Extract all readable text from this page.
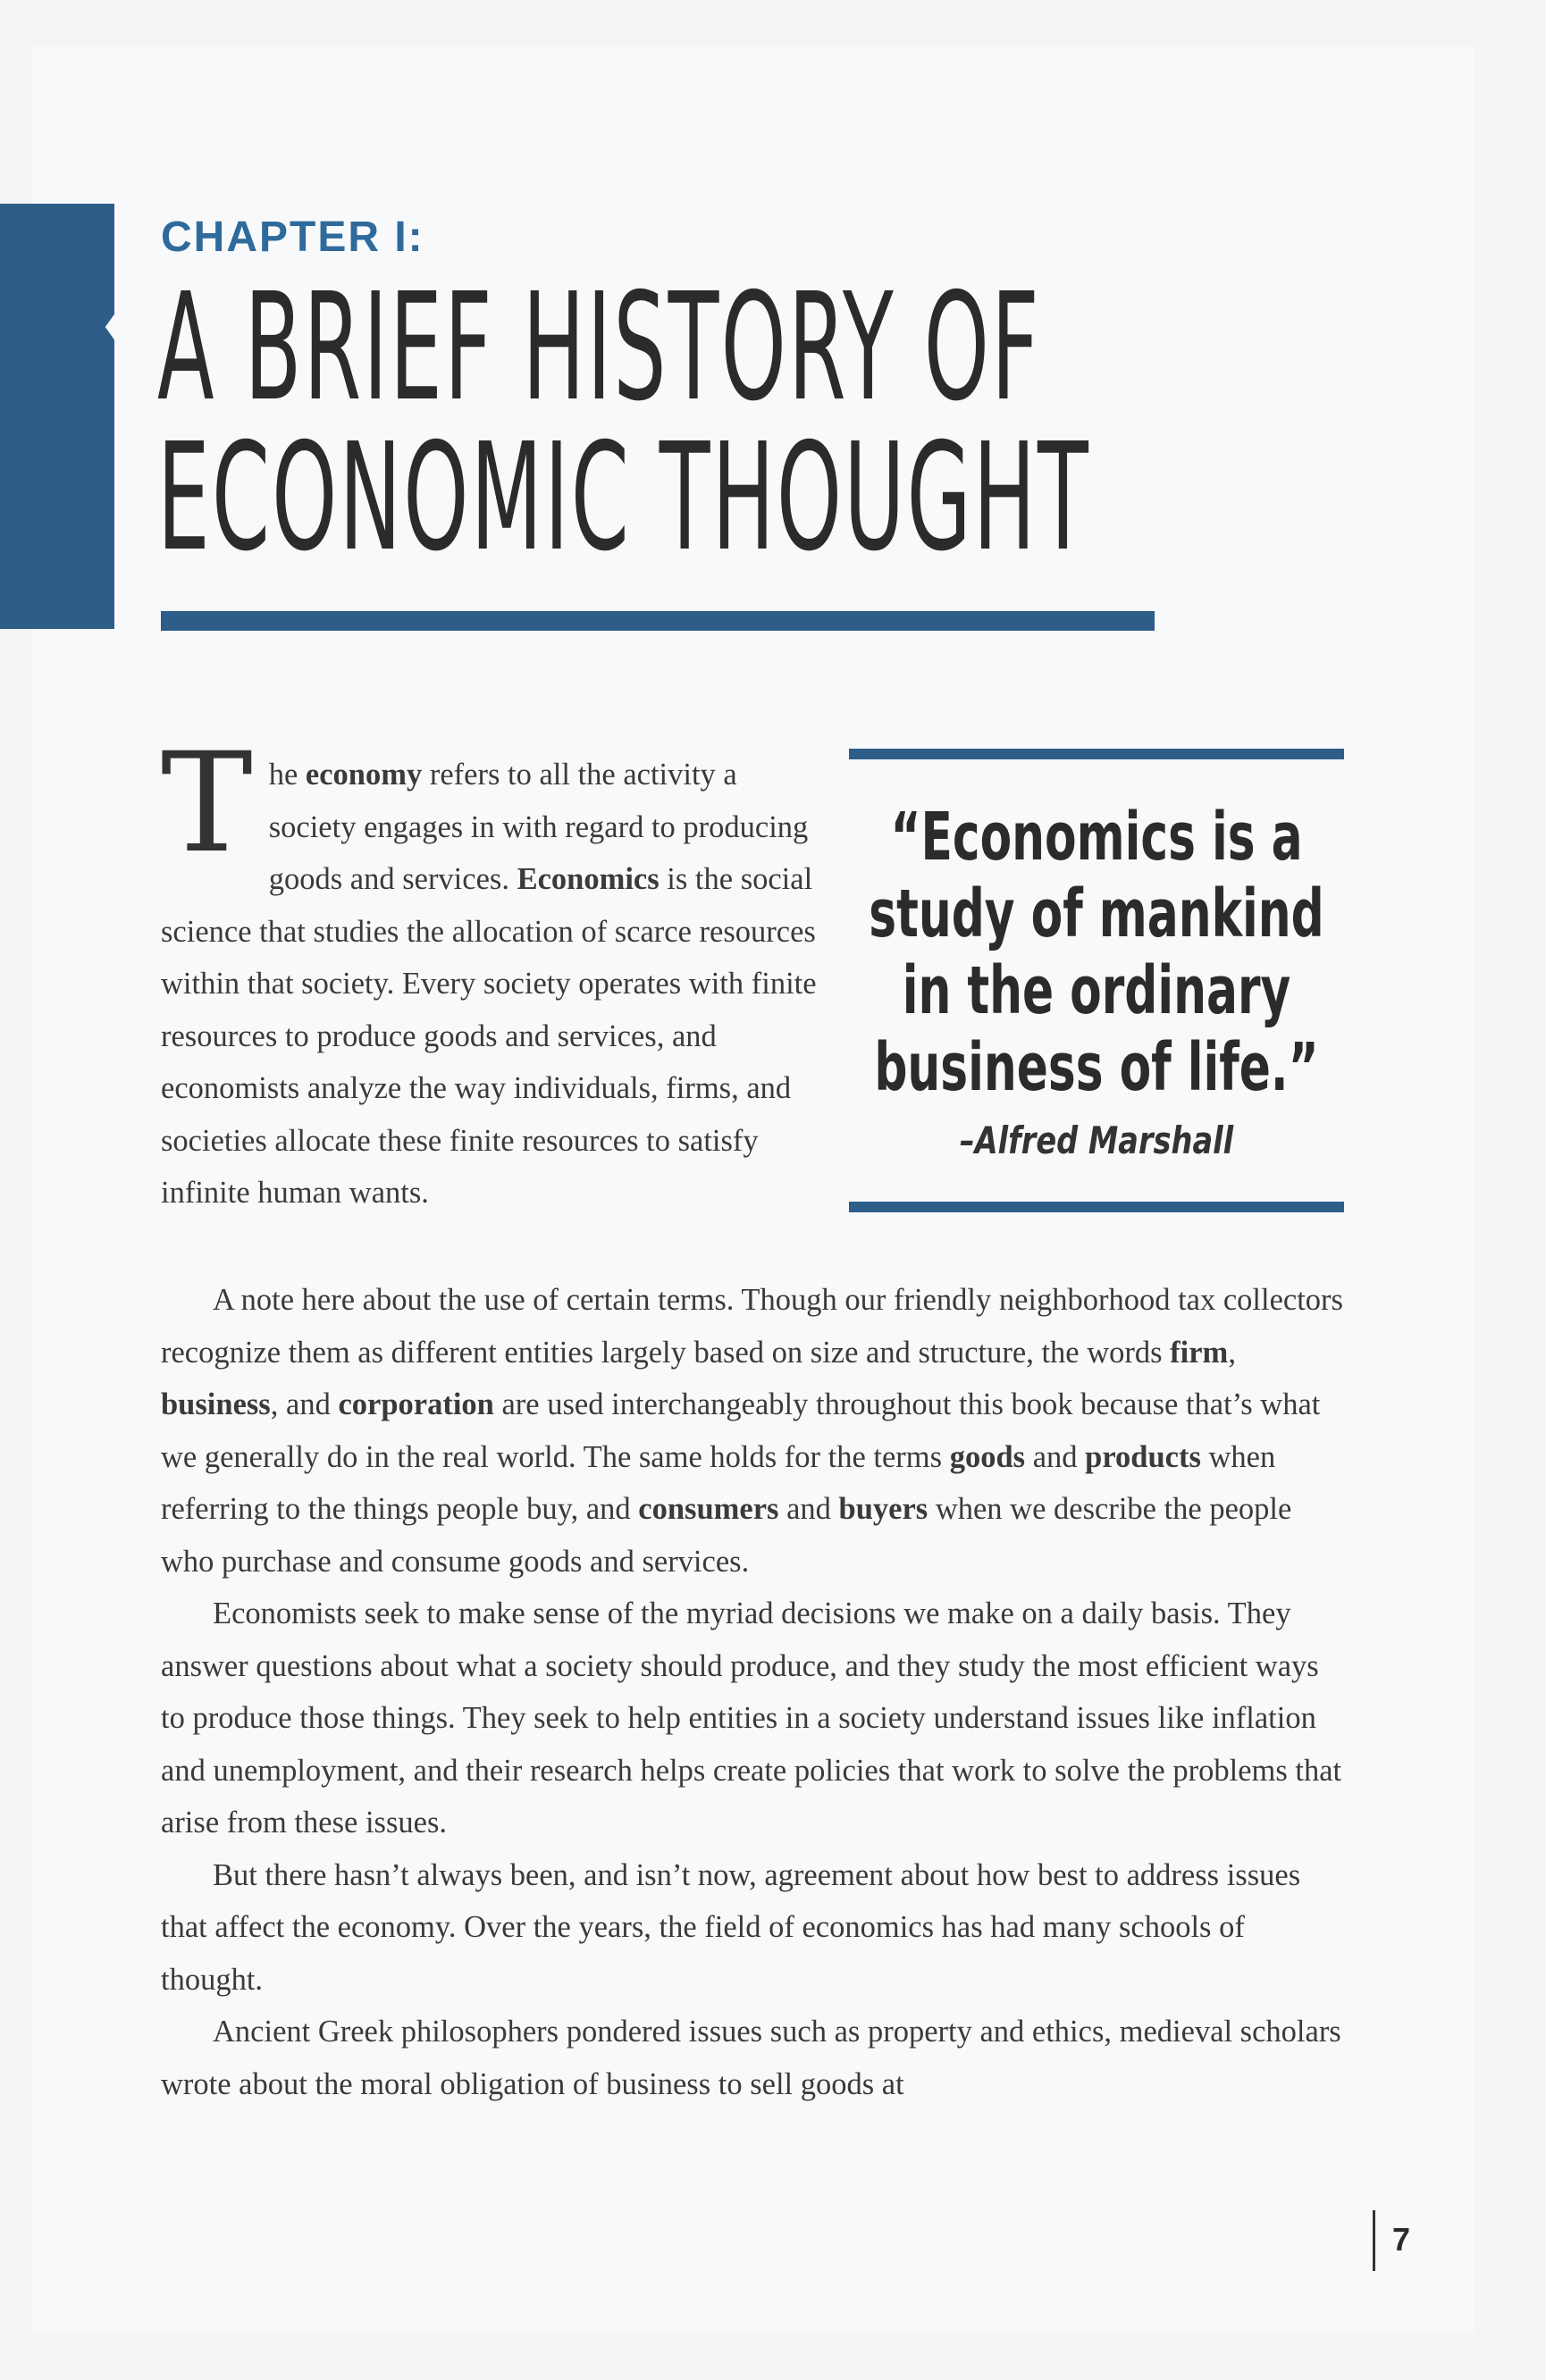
CHAPTER I:
A BRIEF HISTORY OF
ECONOMIC THOUGHT

The economy refers to all the activity a society engages in with regard to producing goods and services. Economics is the social science that studies the allocation of scarce resources within that society. Every society operates with finite resources to produce goods and services, and economists analyze the way individuals, firms, and societies allocate these finite resources to satisfy infinite human wants.

“Economics is a study of mankind in the ordinary business of life.”

–Alfred Marshall

A note here about the use of certain terms. Though our friendly neighborhood tax collectors recognize them as different entities largely based on size and structure, the words firm, business, and corporation are used interchangeably throughout this book because that’s what we generally do in the real world. The same holds for the terms goods and products when referring to the things people buy, and consumers and buyers when we describe the people who purchase and consume goods and services.

Economists seek to make sense of the myriad decisions we make on a daily basis. They answer questions about what a society should produce, and they study the most efficient ways to produce those things. They seek to help entities in a society understand issues like inflation and unemployment, and their research helps create policies that work to solve the problems that arise from these issues.

But there hasn’t always been, and isn’t now, agreement about how best to address issues that affect the economy. Over the years, the field of economics has had many schools of thought.

Ancient Greek philosophers pondered issues such as property and ethics, medieval scholars wrote about the moral obligation of business to sell goods at

7
